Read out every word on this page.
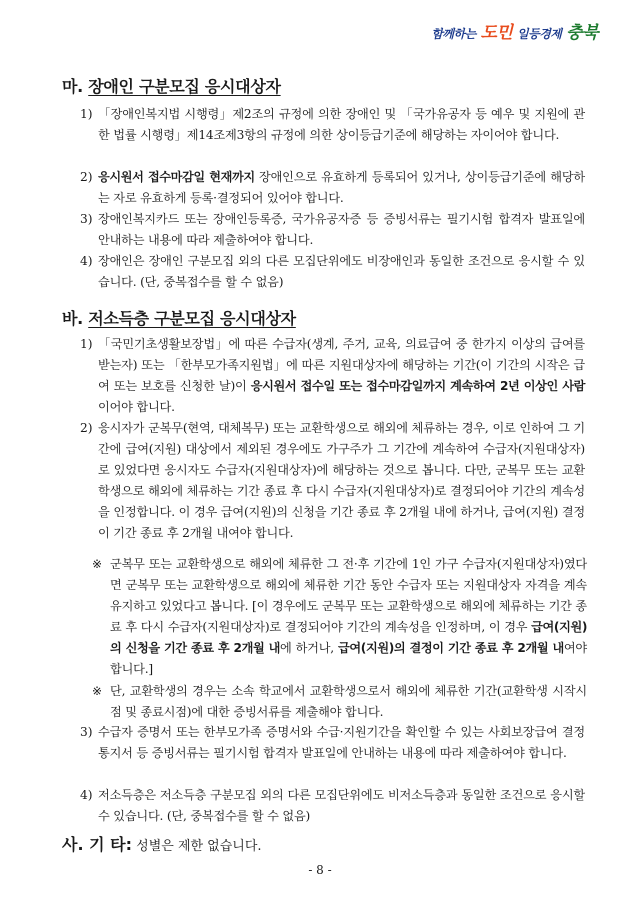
함께하는 도민 일등경제 충북
마. 장애인 구분모집 응시대상자
1) 「장애인복지법 시행령」제2조의 규정에 의한 장애인 및 「국가유공자 등 예우 및 지원에 관한 법률 시행령」제14조제3항의 규정에 의한 상이등급기준에 해당하는 자이어야 합니다.
2) 응시원서 접수마감일 현재까지 장애인으로 유효하게 등록되어 있거나, 상이등급기준에 해당하는 자로 유효하게 등록·결정되어 있어야 합니다.
3) 장애인복지카드 또는 장애인등록증, 국가유공자증 등 증빙서류는 필기시험 합격자 발표일에 안내하는 내용에 따라 제출하여야 합니다.
4) 장애인은 장애인 구분모집 외의 다른 모집단위에도 비장애인과 동일한 조건으로 응시할 수 있습니다. (단, 중복접수를 할 수 없음)
바. 저소득층 구분모집 응시대상자
1) 「국민기초생활보장법」에 따른 수급자(생계, 주거, 교육, 의료급여 중 한가지 이상의 급여를 받는자) 또는 「한부모가족지원법」에 따른 지원대상자에 해당하는 기간(이 기간의 시작은 급여 또는 보호를 신청한 날)이 응시원서 접수일 또는 접수마감일까지 계속하여 2년 이상인 사람이어야 합니다.
2) 응시자가 군복무(현역, 대체복무) 또는 교환학생으로 해외에 체류하는 경우, 이로 인하여 그 기간에 급여(지원) 대상에서 제외된 경우에도 가구주가 그 기간에 계속하여 수급자(지원대상자)로 있었다면 응시자도 수급자(지원대상자)에 해당하는 것으로 봅니다. 다만, 군복무 또는 교환학생으로 해외에 체류하는 기간 종료 후 다시 수급자(지원대상자)로 결정되어야 기간의 계속성을 인정합니다. 이 경우 급여(지원)의 신청을 기간 종료 후 2개월 내에 하거나, 급여(지원) 결정이 기간 종료 후 2개월 내여야 합니다.
※ 군복무 또는 교환학생으로 해외에 체류한 그 전·후 기간에 1인 가구 수급자(지원대상자)였다면 군복무 또는 교환학생으로 해외에 체류한 기간 동안 수급자 또는 지원대상자 자격을 계속 유지하고 있었다고 봅니다. [이 경우에도 군복무 또는 교환학생으로 해외에 체류하는 기간 종료 후 다시 수급자(지원대상자)로 결정되어야 기간의 계속성을 인정하며, 이 경우 급여(지원)의 신청을 기간 종료 후 2개월 내에 하거나, 급여(지원)의 결정이 기간 종료 후 2개월 내여야 합니다.]
※ 단, 교환학생의 경우는 소속 학교에서 교환학생으로서 해외에 체류한 기간(교환학생 시작시점 및 종료시점)에 대한 증빙서류를 제출해야 합니다.
3) 수급자 증명서 또는 한부모가족 증명서와 수급·지원기간을 확인할 수 있는 사회보장급여 결정통지서 등 증빙서류는 필기시험 합격자 발표일에 안내하는 내용에 따라 제출하여야 합니다.
4) 저소득층은 저소득층 구분모집 외의 다른 모집단위에도 비저소득층과 동일한 조건으로 응시할 수 있습니다. (단, 중복접수를 할 수 없음)
사. 기 타: 성별은 제한 없습니다.
- 8 -
